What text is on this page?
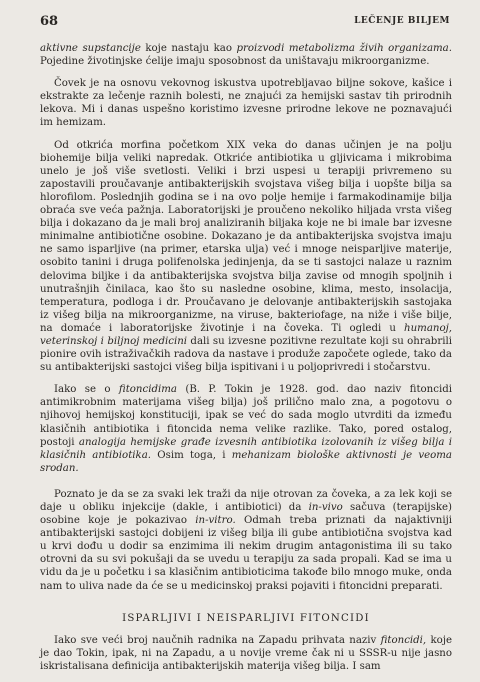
68	LEČENJE BILJEM

aktivne supstancije koje nastaju kao proizvodi metabolizma živih organizama. Pojedine životinjske ćelije imaju sposobnost da uništavaju mikroorganizme.

Čovek je na osnovu vekovnog iskustva upotrebljavao biljne sokove, kašice i ekstrakte za lečenje raznih bolesti, ne znajući za hemijski sastav tih prirodnih lekova. Mi i danas uspešno koristimo izvesne prirodne lekove ne poznavajući im hemizam.

Od otkrića morfina početkom XIX veka do danas učinjen je na polju biohemije bilja veliki napredak. Otkriće antibiotika u gljivicama i mikrobima unelo je još više svetlosti. Veliki i brzi uspesi u terapiji privremeno su zapostavili proučavanje antibakterijskih svojstava višeg bilja i uopšte bilja sa hlorofilom. Poslednjih godina se i na ovo polje hemije i farmakodinamije bilja obraća sve veća pažnja. Laboratorijski je proučeno nekoliko hiljada vrsta višeg bilja i dokazano da je mali broj analiziranih biljaka koje ne bi imale bar izvesne minimalne antibiotične osobine. Dokazano je da antibakterijska svojstva imaju ne samo isparljive (na primer, etarska ulja) već i mnoge neisparljive materije, osobito tanini i druga polifenolska jedinjenja, da se ti sastojci nalaze u raznim delovima biljke i da antibakterijska svojstva bilja zavise od mnogih spoljnih i unutrašnjih činilaca, kao što su naslednе osobine, klima, mesto, insolacija, temperatura, podloga i dr. Proučavano je delovanje antibakterijskih sastojaka iz višeg bilja na mikroorganizme, na viruse, bakteriofage, na niže i više bilje, na domaće i laboratorijske životinje i na čoveka. Ti ogledi u humanoj, veterinskoj i biljnoj medicini dali su izvesne pozitivne rezultate koji su ohrabrili pionire ovih istraživačkih radova da nastave i produže započete oglede, tako da su antibakterijski sastojci višeg bilja ispitivani i u poljoprivredi i stočarstvu.

Iako se o fitoncidima (B. P. Tokin je 1928. god. dao naziv fitoncidi antimikrobnim materijama višeg bilja) još prilično malo zna, a pogotovu o njihovoj hemijskoj konstituciji, ipak se već do sada moglo utvrditi da između klasičnih antibiotika i fitoncida nema velike razlike. Tako, pored ostalog, postoji analogija hemijske građe izvesnih antibiotika izolovanih iz višeg bilja i klasičnih antibiotika. Osim toga, i mehanizam biološke aktivnosti je veoma srodan.

Poznato je da se za svaki lek traži da nije otrovan za čoveka, a za lek koji se daje u obliku injekcije (dakle, i antibiotici) da in-vivo sačuva (terapijske) osobine koje je pokazivao in-vitro. Odmah treba priznati da najaktivniji antibakterijski sastojci dobijeni iz višeg bilja ili gube antibiotična svojstva kad u krvi dođu u dodir sa enzimima ili nekim drugim antagonistima ili su tako otrovni da su svi pokušaji da se uvedu u terapiju za sada propali. Kad se ima u vidu da je u početku i sa klasičnim antibioticima takođe bilo mnogo muke, onda nam to uliva nade da će se u medicinskoj praksi pojaviti i fitoncidni preparati.

ISPARLJIVI I NEISPARLJIVI FITONCIDI

Iako sve veći broj naučnih radnika na Zapadu prihvata naziv fitoncidi, koje je dao Tokin, ipak, ni na Zapadu, a u novije vreme čak ni u SSSR-u nije jasno iskristalisana definicija antibakterijskih materija višeg bilja. I sam
